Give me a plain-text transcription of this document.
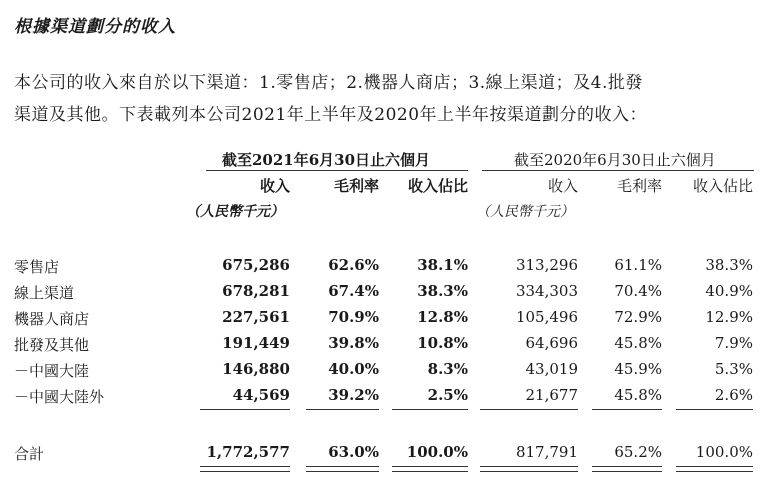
根據渠道劃分的收入
本公司的收入來自於以下渠道：1.零售店；2.機器人商店；3.線上渠道；及4.批發
渠道及其他。下表載列本公司2021年上半年及2020年上半年按渠道劃分的收入：
截至2021年6月30日止六個月	截至2020年6月30日止六個月
收入	毛利率	收入佔比	收入	毛利率	收入佔比
（人民幣千元）	（人民幣千元）
零售店	675,286	62.6%	38.1%	313,296	61.1%	38.3%
線上渠道	678,281	67.4%	38.3%	334,303	70.4%	40.9%
機器人商店	227,561	70.9%	12.8%	105,496	72.9%	12.9%
批發及其他	191,449	39.8%	10.8%	64,696	45.8%	7.9%
－中國大陸	146,880	40.0%	8.3%	43,019	45.9%	5.3%
－中國大陸外	44,569	39.2%	2.5%	21,677	45.8%	2.6%
合計	1,772,577	63.0%	100.0%	817,791	65.2%	100.0%
